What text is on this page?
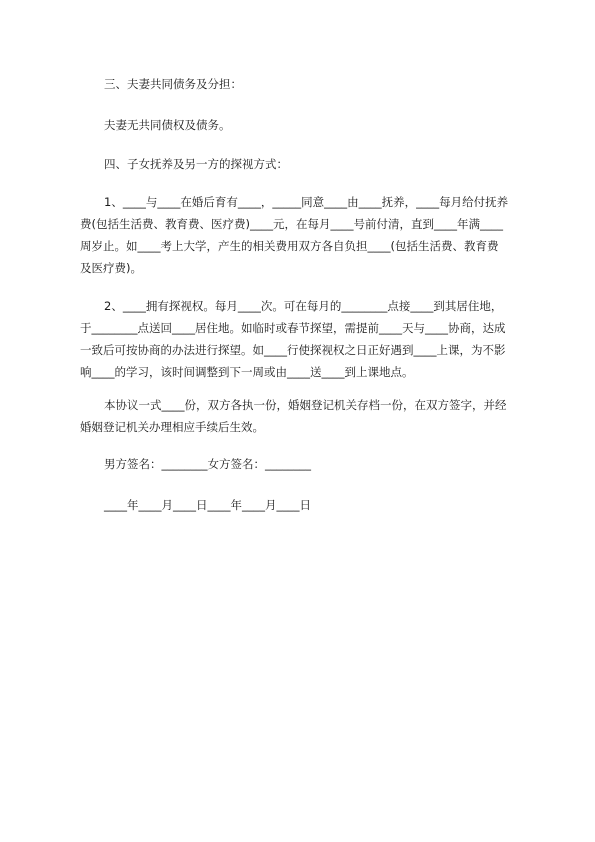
三、夫妻共同债务及分担：
夫妻无共同债权及债务。
四、子女抚养及另一方的探视方式：
1、____与____在婚后育有____，_____同意____由____抚养，____每月给付抚养
费(包括生活费、教育费、医疗费)____元，在每月____号前付清，直到____年满____
周岁止。如____考上大学，产生的相关费用双方各自负担____(包括生活费、教育费
及医疗费)。
2、____拥有探视权。每月____次。可在每月的________点接____到其居住地，
于________点送回____居住地。如临时或春节探望，需提前____天与____协商，达成
一致后可按协商的办法进行探望。如____行使探视权之日正好遇到____上课，为不影
响____的学习，该时间调整到下一周或由____送____到上课地点。
本协议一式____份，双方各执一份，婚姻登记机关存档一份，在双方签字，并经
婚姻登记机关办理相应手续后生效。
男方签名：________女方签名：________
____年____月____日____年____月____日
